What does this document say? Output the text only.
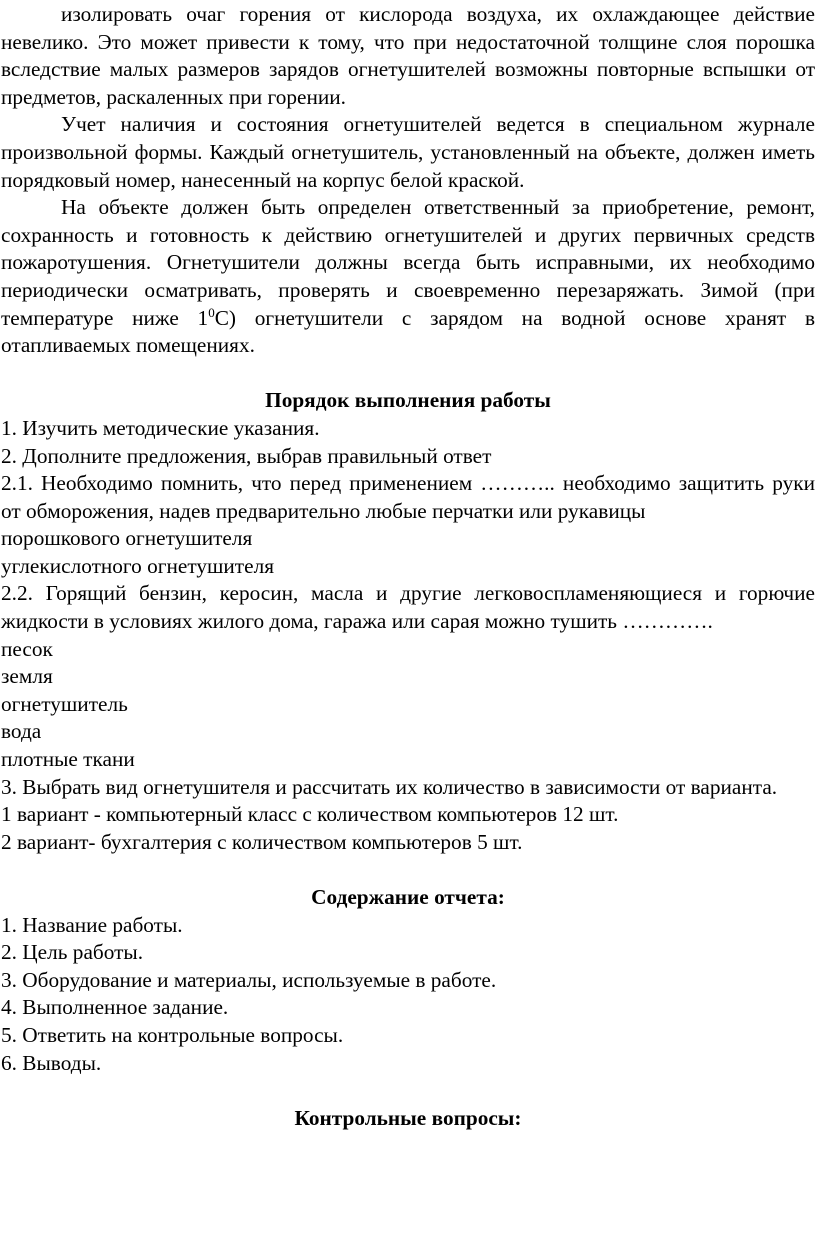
изолировать очаг горения от кислорода воздуха, их охлаждающее действие невелико. Это может привести к тому, что при недостаточной толщине слоя порошка вследствие малых размеров зарядов огнетушителей возможны повторные вспышки от предметов, раскаленных при горении.

Учет наличия и состояния огнетушителей ведется в специальном журнале произвольной формы. Каждый огнетушитель, установленный на объекте, должен иметь порядковый номер, нанесенный на корпус белой краской.

На объекте должен быть определен ответственный за приобретение, ремонт, сохранность и готовность к действию огнетушителей и других первичных средств пожаротушения. Огнетушители должны всегда быть исправными, их необходимо периодически осматривать, проверять и своевременно перезаряжать. Зимой (при температуре ниже $1^0С$) огнетушители с зарядом на водной основе хранят в отапливаемых помещениях.

Порядок выполнения работы

1. Изучить методические указания.

2. Дополните предложения, выбрав правильный ответ

2.1. Необходимо помнить, что перед применением ……….. необходимо защитить руки от обморожения, надев предварительно любые перчатки или рукавицы

порошкового огнетушителя

углекислотного огнетушителя

2.2. Горящий бензин, керосин, масла и другие легковоспламеняющиеся и горючие жидкости в условиях жилого дома, гаража или сарая можно тушить ………….

песок

земля

огнетушитель

вода

плотные ткани

3. Выбрать вид огнетушителя и рассчитать их количество в зависимости от варианта.

1 вариант - компьютерный класс с количеством компьютеров 12 шт.

2 вариант- бухгалтерия с количеством компьютеров 5 шт.

Содержание отчета:

1. Название работы.

2. Цель работы.

3. Оборудование и материалы, используемые в работе.

4. Выполненное задание.

5. Ответить на контрольные вопросы.

6. Выводы.

Контрольные вопросы:
